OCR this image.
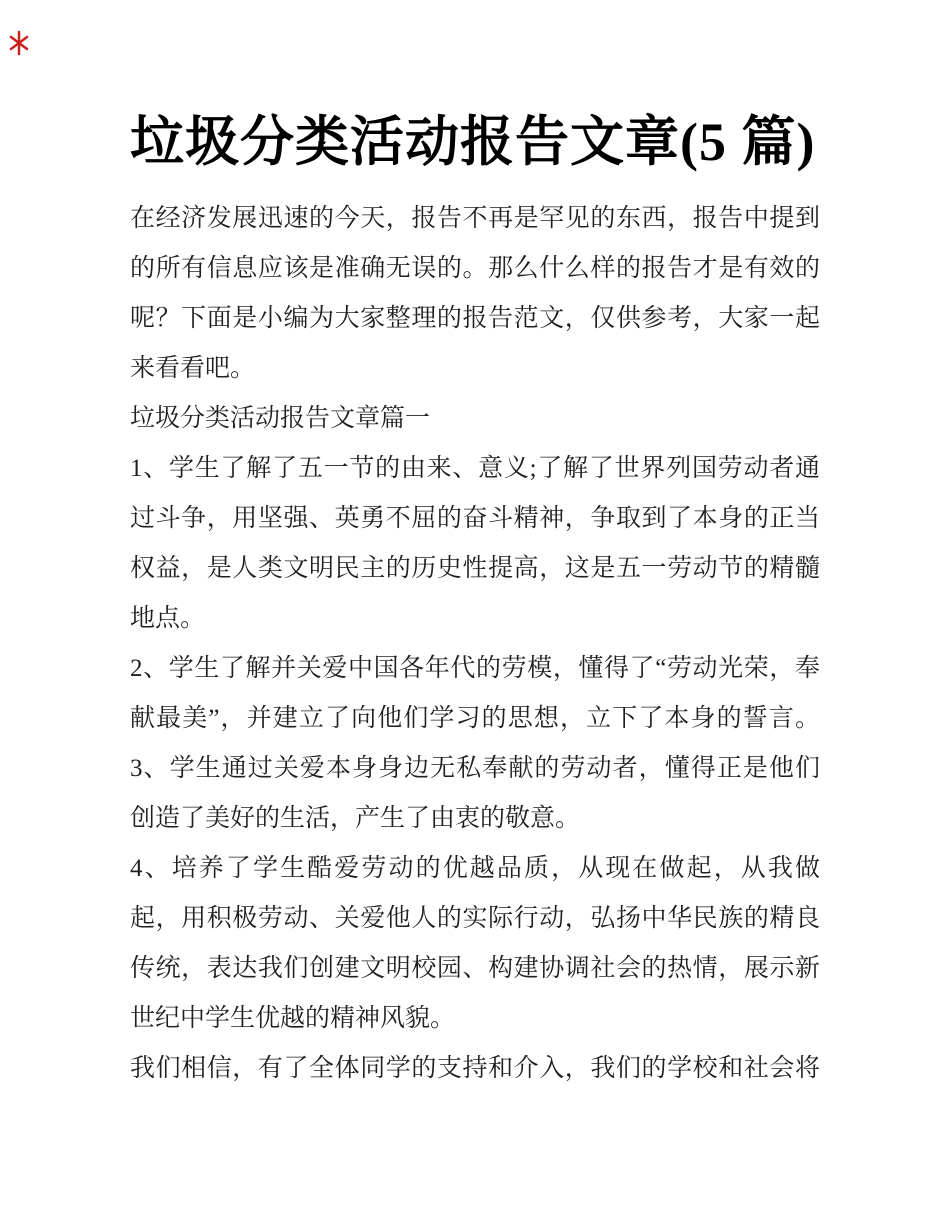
垃圾分类活动报告文章(5 篇)
在经济发展迅速的今天，报告不再是罕见的东西，报告中提到
的所有信息应该是准确无误的。那么什么样的报告才是有效的
呢？下面是小编为大家整理的报告范文，仅供参考，大家一起
来看看吧。
垃圾分类活动报告文章篇一
1、学生了解了五一节的由来、意义;了解了世界列国劳动者通
过斗争，用坚强、英勇不屈的奋斗精神，争取到了本身的正当
权益，是人类文明民主的历史性提高，这是五一劳动节的精髓
地点。
2、学生了解并关爱中国各年代的劳模，懂得了“劳动光荣，奉
献最美”，并建立了向他们学习的思想，立下了本身的誓言。
3、学生通过关爱本身身边无私奉献的劳动者，懂得正是他们
创造了美好的生活，产生了由衷的敬意。
4、培养了学生酷爱劳动的优越品质，从现在做起，从我做
起，用积极劳动、关爱他人的实际行动，弘扬中华民族的精良
传统，表达我们创建文明校园、构建协调社会的热情，展示新
世纪中学生优越的精神风貌。
我们相信，有了全体同学的支持和介入，我们的学校和社会将
